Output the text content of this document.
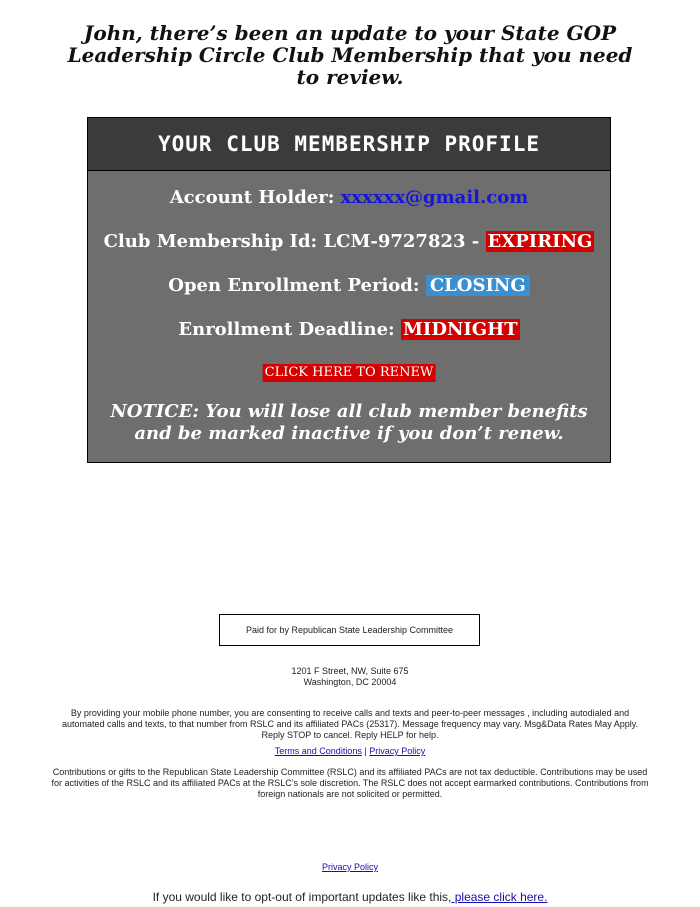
John, there’s been an update to your State GOP Leadership Circle Club Membership that you need to review.

YOUR CLUB MEMBERSHIP PROFILE
Account Holder: xxxxxx@gmail.com
Club Membership Id: LCM-9727823 - EXPIRING
Open Enrollment Period: CLOSING
Enrollment Deadline: MIDNIGHT
CLICK HERE TO RENEW
NOTICE: You will lose all club member benefits and be marked inactive if you don’t renew.
Paid for by Republican State Leadership Committee

1201 F Street, NW, Suite 675
Washington, DC 20004

By providing your mobile phone number, you are consenting to receive calls and texts and peer-to-peer messages , including autodialed and automated calls and texts, to that number from RSLC and its affiliated PACs (25317). Message frequency may vary. Msg&Data Rates May Apply. Reply STOP to cancel. Reply HELP for help.

Terms and Conditions | Privacy Policy

Contributions or gifts to the Republican State Leadership Committee (RSLC) and its affiliated PACs are not tax deductible. Contributions may be used for activities of the RSLC and its affiliated PACs at the RSLC’s sole discretion. The RSLC does not accept earmarked contributions. Contributions from foreign nationals are not solicited or permitted.

Privacy Policy

If you would like to opt-out of important updates like this, please click here.
